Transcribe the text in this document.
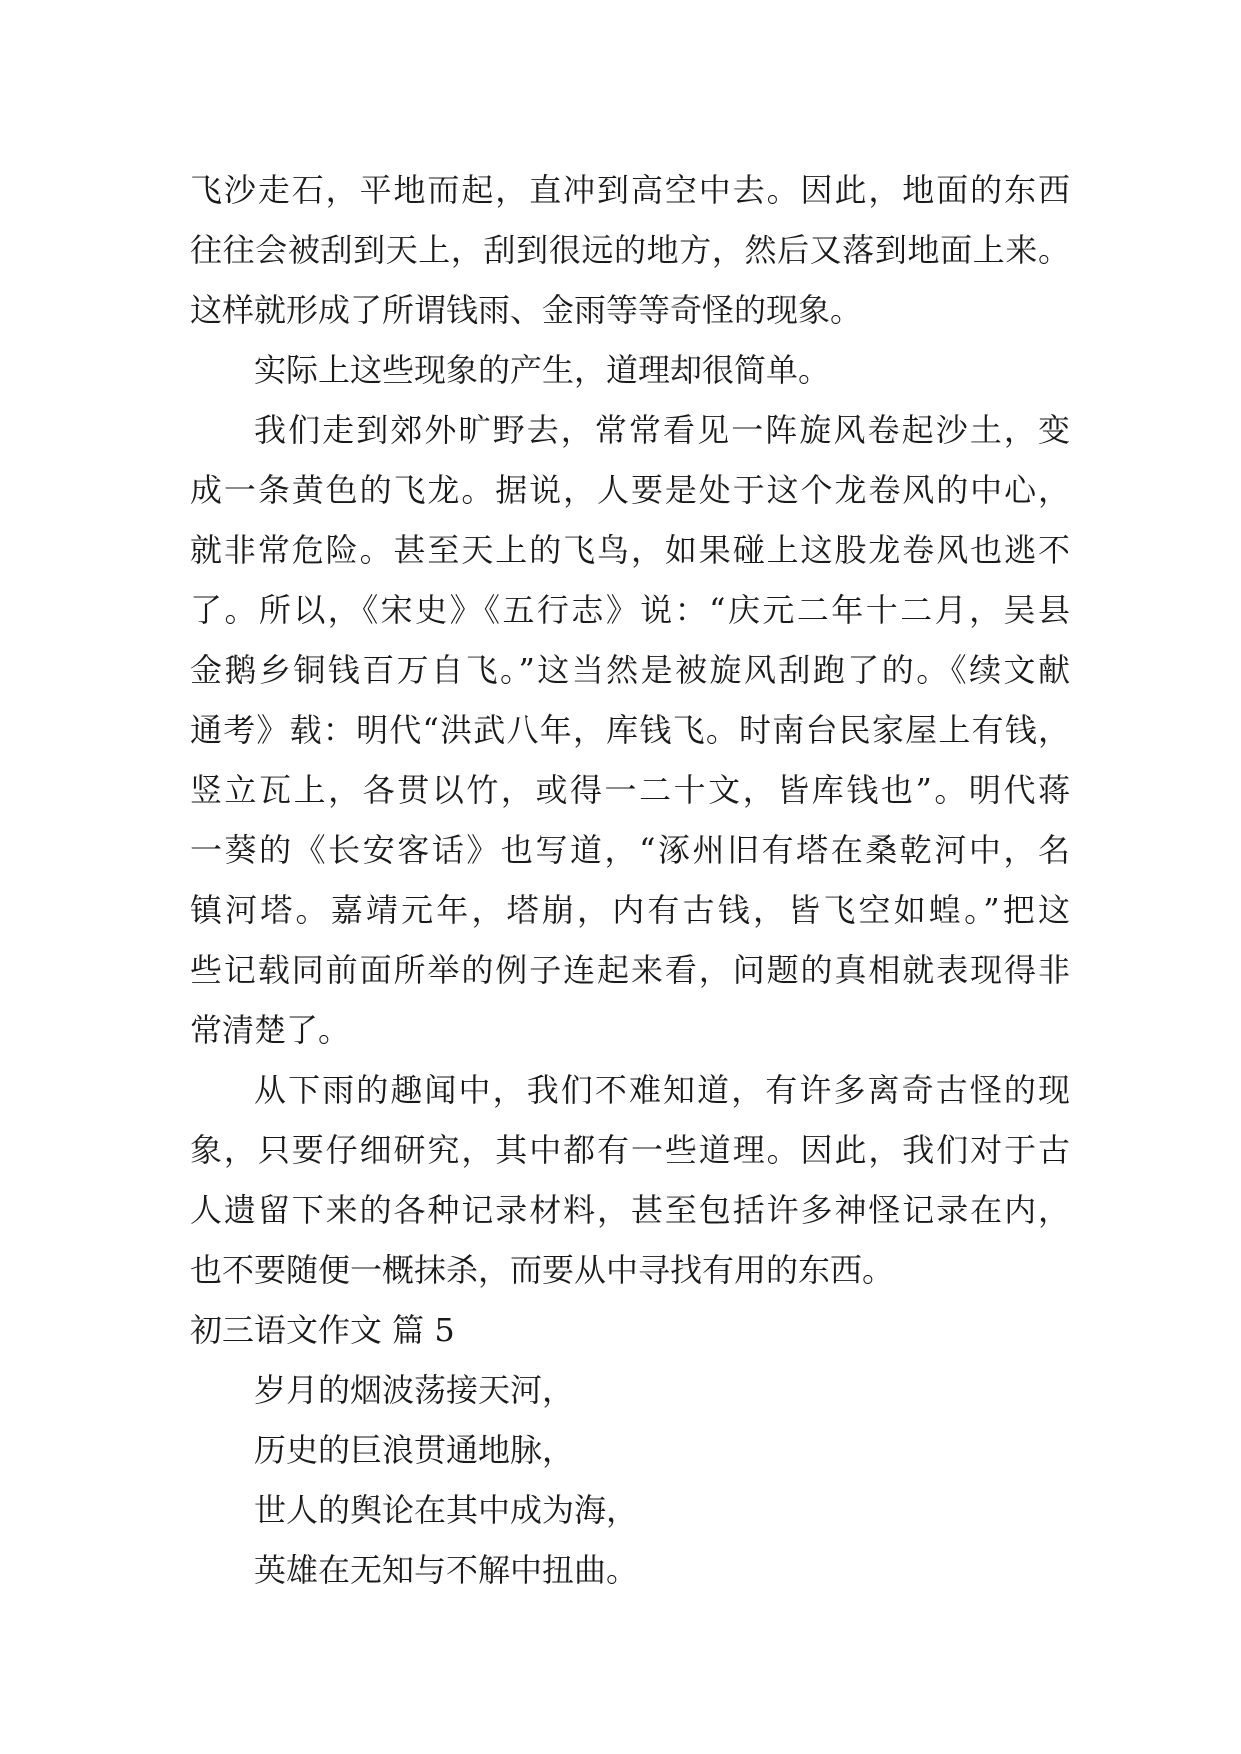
飞沙走石，平地而起，直冲到高空中去。因此，地面的东西
往往会被刮到天上，刮到很远的地方，然后又落到地面上来。
这样就形成了所谓钱雨、金雨等等奇怪的现象。
实际上这些现象的产生，道理却很简单。
我们走到郊外旷野去，常常看见一阵旋风卷起沙土，变
成一条黄色的飞龙。据说，人要是处于这个龙卷风的中心，
就非常危险。甚至天上的飞鸟，如果碰上这股龙卷风也逃不
了。所以，《宋史》《五行志》说：“庆元二年十二月，吴县
金鹅乡铜钱百万自飞。”这当然是被旋风刮跑了的。《续文献
通考》载：明代“洪武八年，库钱飞。时南台民家屋上有钱，
竖立瓦上，各贯以竹，或得一二十文，皆库钱也”。明代蒋
一葵的《长安客话》也写道，“涿州旧有塔在桑乾河中，名
镇河塔。嘉靖元年，塔崩，内有古钱，皆飞空如蝗。”把这
些记载同前面所举的例子连起来看，问题的真相就表现得非
常清楚了。
从下雨的趣闻中，我们不难知道，有许多离奇古怪的现
象，只要仔细研究，其中都有一些道理。因此，我们对于古
人遗留下来的各种记录材料，甚至包括许多神怪记录在内，
也不要随便一概抹杀，而要从中寻找有用的东西。
初三语文作文 篇 5
岁月的烟波荡接天河，
历史的巨浪贯通地脉，
世人的舆论在其中成为海，
英雄在无知与不解中扭曲。
